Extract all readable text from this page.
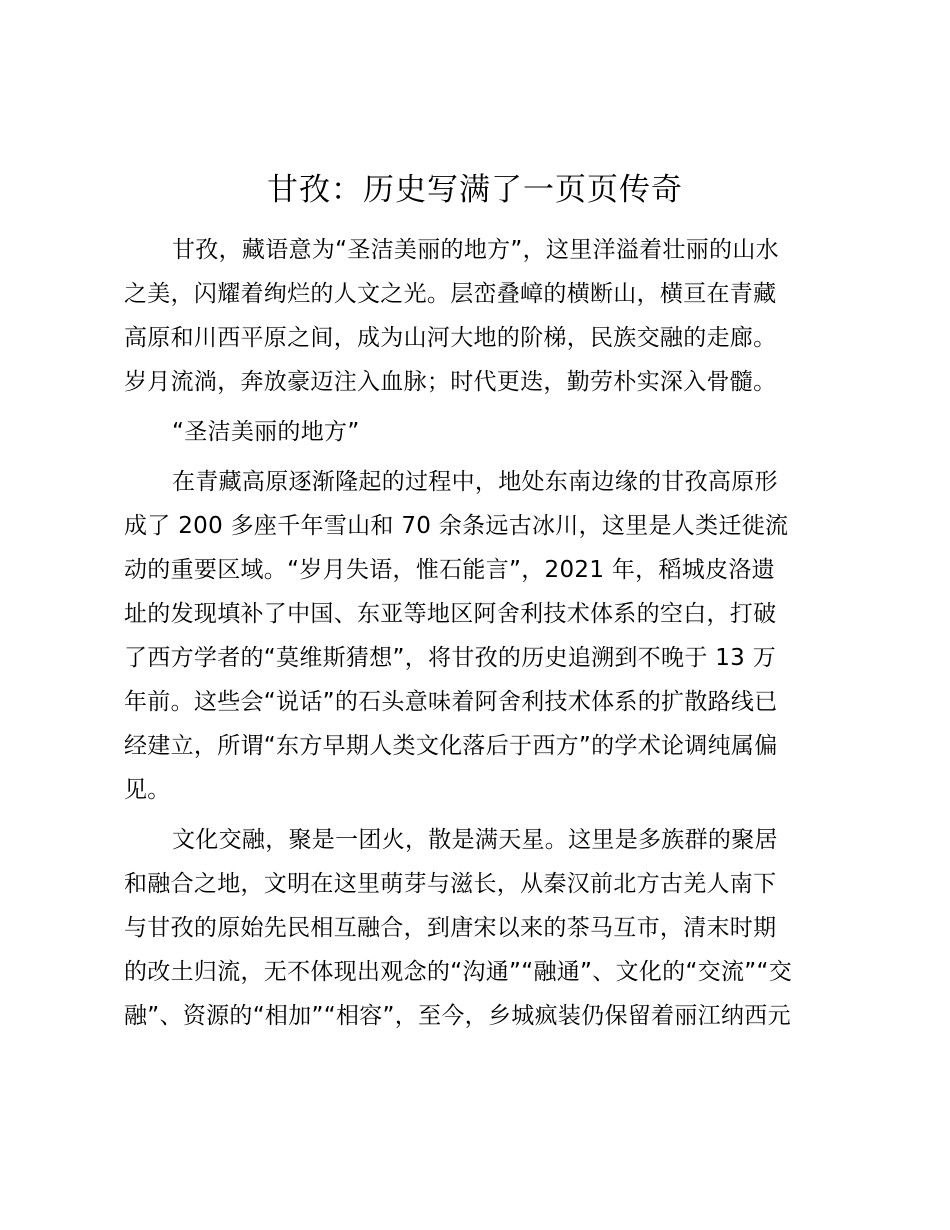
甘孜：历史写满了一页页传奇

甘孜，藏语意为“圣洁美丽的地方”，这里洋溢着壮丽的山水
之美，闪耀着绚烂的人文之光。层峦叠嶂的横断山，横亘在青藏
高原和川西平原之间，成为山河大地的阶梯，民族交融的走廊。
岁月流淌，奔放豪迈注入血脉；时代更迭，勤劳朴实深入骨髓。

“圣洁美丽的地方”

在青藏高原逐渐隆起的过程中，地处东南边缘的甘孜高原形
成了 200 多座千年雪山和 70 余条远古冰川，这里是人类迁徙流
动的重要区域。“岁月失语，惟石能言”，2021 年，稻城皮洛遗
址的发现填补了中国、东亚等地区阿舍利技术体系的空白，打破
了西方学者的“莫维斯猜想”，将甘孜的历史追溯到不晚于 13 万
年前。这些会“说话”的石头意味着阿舍利技术体系的扩散路线已
经建立，所谓“东方早期人类文化落后于西方”的学术论调纯属偏
见。

文化交融，聚是一团火，散是满天星。这里是多族群的聚居
和融合之地，文明在这里萌芽与滋长，从秦汉前北方古羌人南下
与甘孜的原始先民相互融合，到唐宋以来的茶马互市，清末时期
的改土归流，无不体现出观念的“沟通”“融通”、文化的“交流”“交
融”、资源的“相加”“相容”，至今，乡城疯装仍保留着丽江纳西元
